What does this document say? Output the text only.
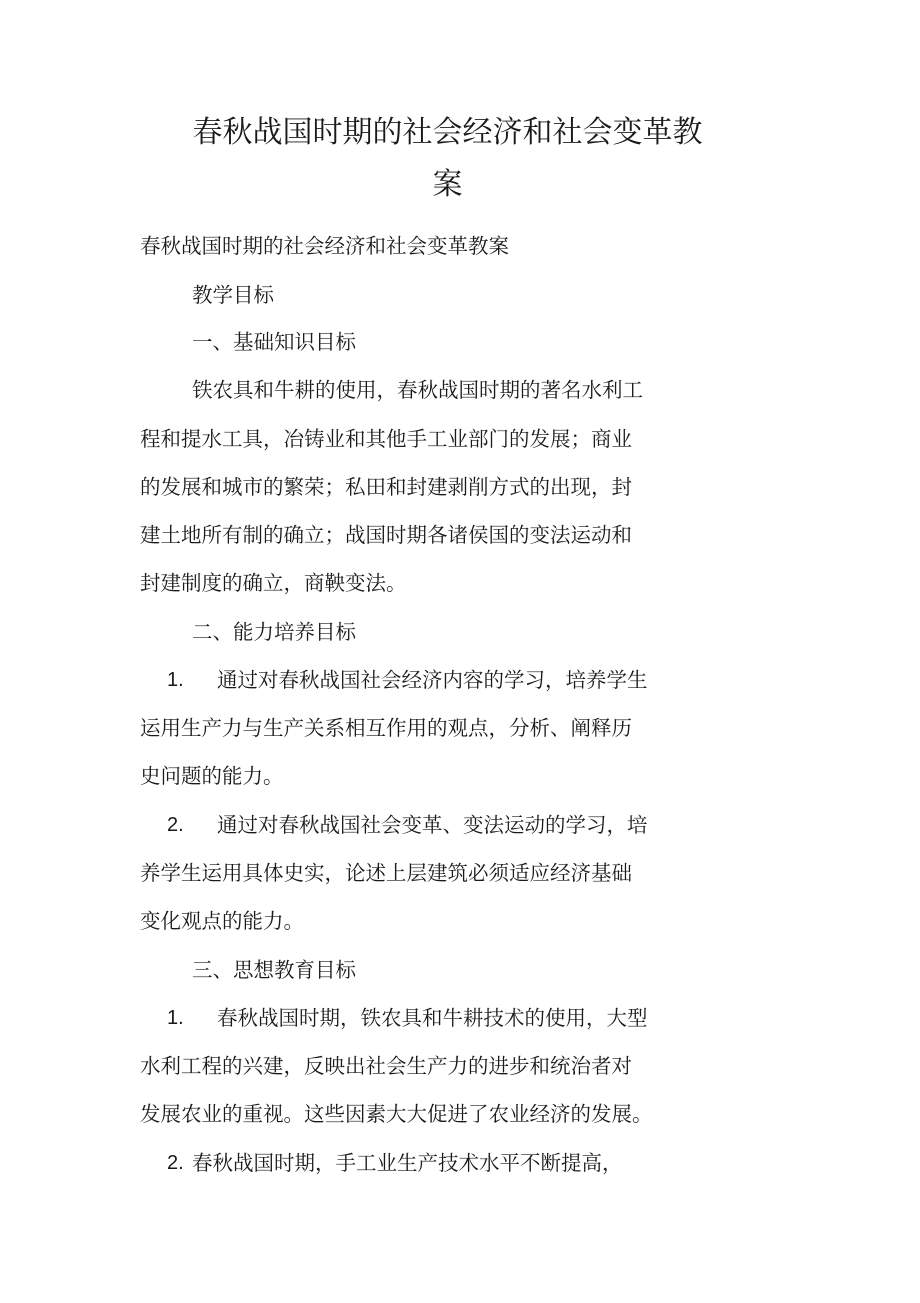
春秋战国时期的社会经济和社会变革教
案
春秋战国时期的社会经济和社会变革教案
教学目标
一、基础知识目标
铁农具和牛耕的使用，春秋战国时期的著名水利工
程和提水工具，冶铸业和其他手工业部门的发展；商业
的发展和城市的繁荣；私田和封建剥削方式的出现，封
建土地所有制的确立；战国时期各诸侯国的变法运动和
封建制度的确立，商鞅变法。
二、能力培养目标
1. 通过对春秋战国社会经济内容的学习，培养学生
运用生产力与生产关系相互作用的观点，分析、阐释历
史问题的能力。
2. 通过对春秋战国社会变革、变法运动的学习，培
养学生运用具体史实，论述上层建筑必须适应经济基础
变化观点的能力。
三、思想教育目标
1. 春秋战国时期，铁农具和牛耕技术的使用，大型
水利工程的兴建，反映出社会生产力的进步和统治者对
发展农业的重视。这些因素大大促进了农业经济的发展。
2. 春秋战国时期，手工业生产技术水平不断提高，
